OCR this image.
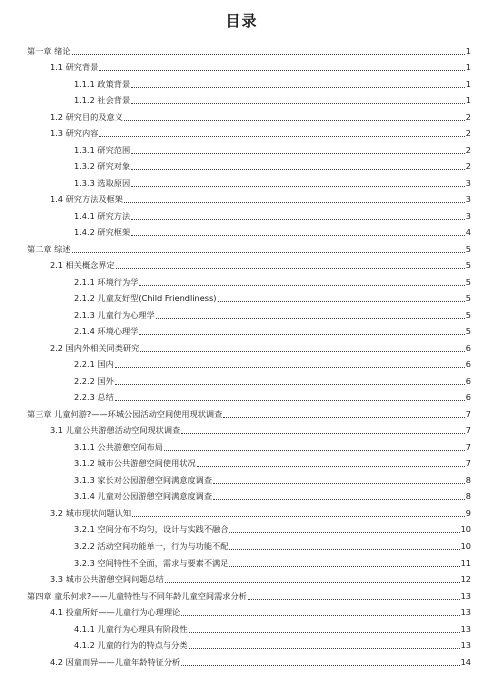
目录
第一章 绪论	1
1.1 研究背景	1
1.1.1 政策背景	1
1.1.2 社会背景	1
1.2 研究目的及意义	2
1.3 研究内容	2
1.3.1 研究范围	2
1.3.2 研究对象	2
1.3.3 选取原因	3
1.4 研究方法及框架	3
1.4.1 研究方法	3
1.4.2 研究框架	4
第二章 综述	5
2.1 相关概念界定	5
2.1.1 环境行为学	5
2.1.2 儿童友好型(Child Friendliness)	5
2.1.3 儿童行为心理学	5
2.1.4 环境心理学	5
2.2 国内外相关同类研究	6
2.2.1 国内	6
2.2.2 国外	6
2.2.3 总结	6
第三章 儿童何游?——环城公园活动空间使用现状调查	7
3.1 儿童公共游憩活动空间现状调查	7
3.1.1 公共游憩空间布局	7
3.1.2 城市公共游憩空间使用状况	7
3.1.3 家长对公园游憩空间满意度调查	8
3.1.4 儿童对公园游憩空间满意度调查	8
3.2 城市现状问题认知	9
3.2.1 空间分布不均匀，设计与实践不融合	10
3.2.2 活动空间功能单一，行为与功能不配	10
3.2.3 空间特性不全面，需求与要素不满足	11
3.3 城市公共游憩空间问题总结	12
第四章 童乐何求?——儿童特性与不同年龄儿童空间需求分析	13
4.1 投童所好——儿童行为心理理论	13
4.1.1 儿童行为心理具有阶段性	13
4.1.2 儿童的行为的特点与分类	13
4.2 因童而异——儿童年龄特征分析	14
